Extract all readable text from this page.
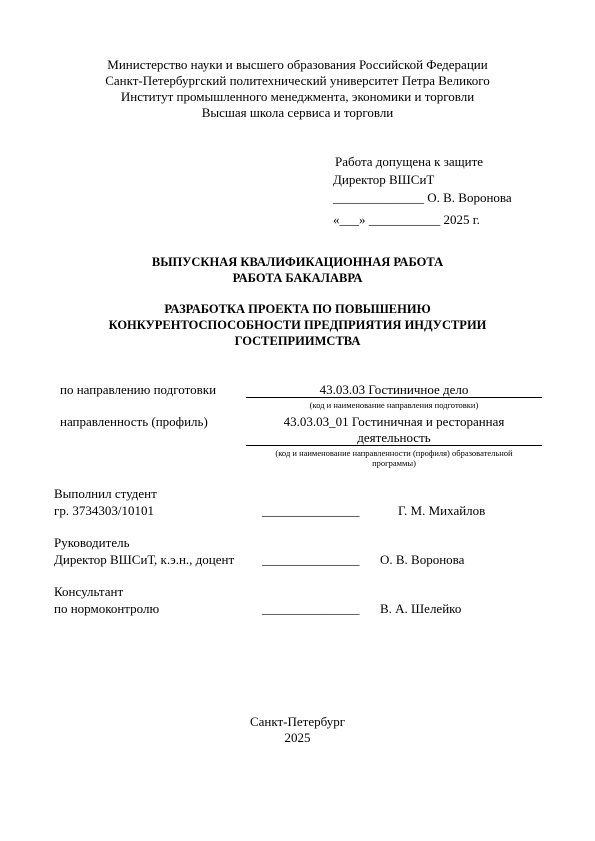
Министерство науки и высшего образования Российской Федерации
Санкт-Петербургский политехнический университет Петра Великого
Институт промышленного менеджмента, экономики и торговли
Высшая школа сервиса и торговли
Работа допущена к защите
Директор ВШСиТ
______________ О. В. Воронова
«___» ___________ 2025 г.
ВЫПУСКНАЯ КВАЛИФИКАЦИОННАЯ РАБОТА
РАБОТА БАКАЛАВРА
РАЗРАБОТКА ПРОЕКТА ПО ПОВЫШЕНИЮ
КОНКУРЕНТОСПОСОБНОСТИ ПРЕДПРИЯТИЯ ИНДУСТРИИ
ГОСТЕПРИИМСТВА
по направлению подготовки	43.03.03 Гостиничное дело
(код и наименование направления подготовки)
направленность (профиль)	43.03.03_01 Гостиничная и ресторанная
деятельность
(код и наименование направленности (профиля) образовательной
программы)
Выполнил студент
гр. 3734303/10101	_______________	Г. М. Михайлов
Руководитель
Директор ВШСиТ, к.э.н., доцент _______________ О. В. Воронова
Консультант
по нормоконтролю	_______________ В. А. Шелейко
Санкт-Петербург
2025
